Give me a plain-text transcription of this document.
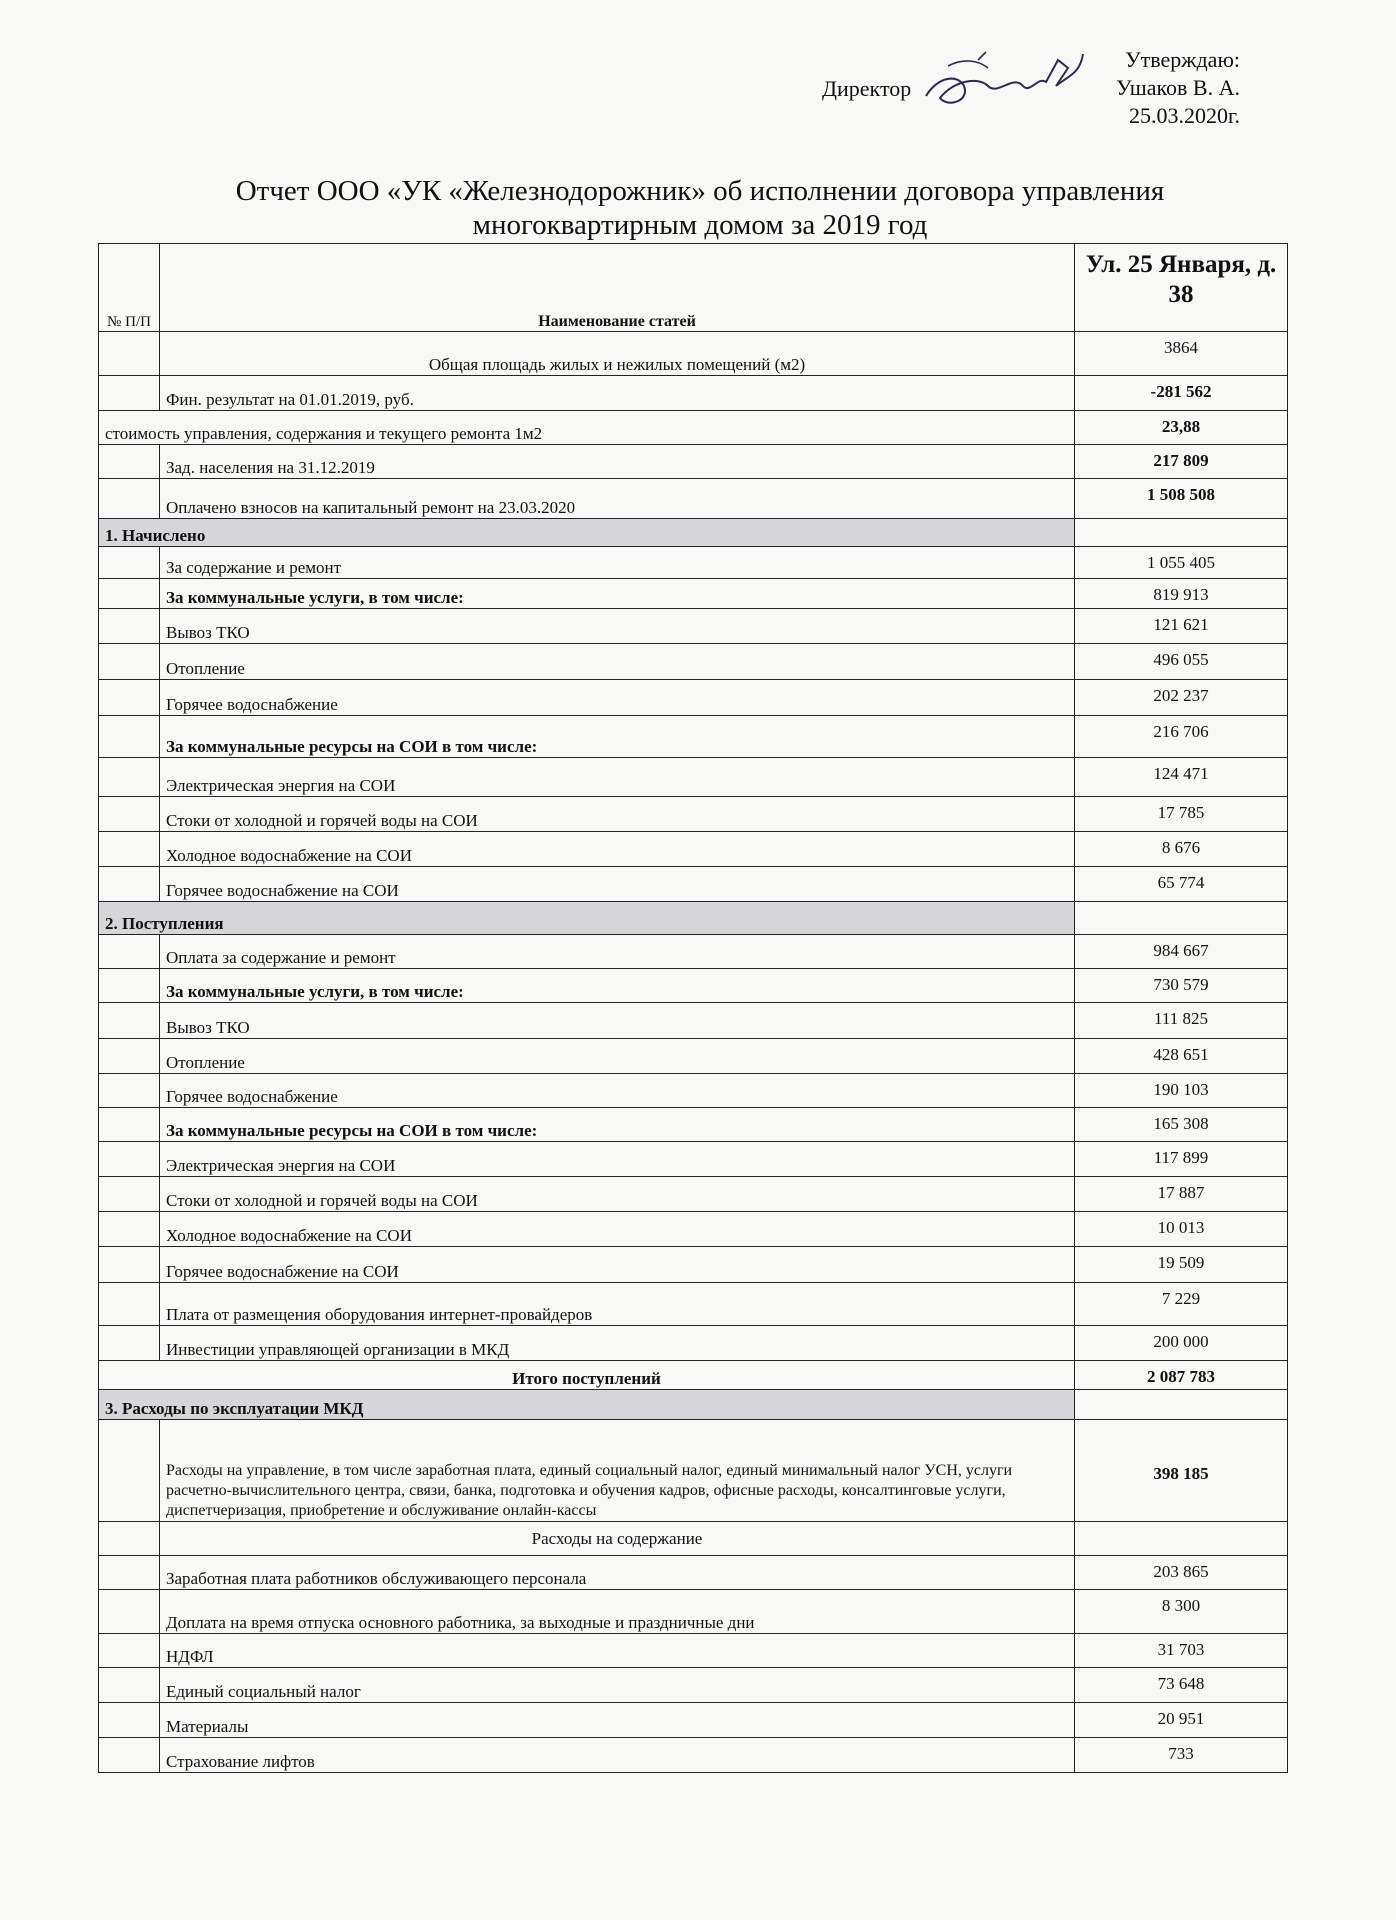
Утверждаю:
Ушаков В. А.
25.03.2020г.
Директор
Отчет ООО «УК «Железнодорожник» об исполнении договора управления
многоквартирным домом за 2019 год
№ П/П	Наименование статей	Ул. 25 Января, д. 38
	Общая площадь жилых и нежилых помещений (м2)	3864
	Фин. результат на 01.01.2019, руб.	-281 562
стоимость управления, содержания и текущего ремонта 1м2		23,88
	Зад. населения на 31.12.2019	217 809
	Оплачено взносов на капитальный ремонт на 23.03.2020	1 508 508
1. Начислено		
	За содержание и ремонт	1 055 405
	За коммунальные услуги, в том числе:	819 913
	Вывоз ТКО	121 621
	Отопление	496 055
	Горячее водоснабжение	202 237
	За коммунальные ресурсы на СОИ в том числе:	216 706
	Электрическая энергия на СОИ	124 471
	Стоки от холодной и горячей воды на СОИ	17 785
	Холодное водоснабжение на СОИ	8 676
	Горячее водоснабжение на СОИ	65 774
2. Поступления		
	Оплата за содержание и ремонт	984 667
	За коммунальные услуги, в том числе:	730 579
	Вывоз ТКО	111 825
	Отопление	428 651
	Горячее водоснабжение	190 103
	За коммунальные ресурсы на СОИ в том числе:	165 308
	Электрическая энергия на СОИ	117 899
	Стоки от холодной и горячей воды на СОИ	17 887
	Холодное водоснабжение на СОИ	10 013
	Горячее водоснабжение на СОИ	19 509
	Плата от размещения оборудования интернет-провайдеров	7 229
	Инвестиции управляющей организации в МКД	200 000
Итого поступлений		2 087 783
3. Расходы по эксплуатации МКД		
	Расходы на управление, в том числе заработная плата, единый социальный налог, единый минимальный налог УСН, услуги расчетно-вычислительного центра, связи, банка, подготовка и обучения кадров, офисные расходы, консалтинговые услуги, диспетчеризация, приобретение и обслуживание онлайн-кассы	398 185
	Расходы на содержание	
	Заработная плата работников обслуживающего персонала	203 865
	Доплата на время отпуска основного работника, за выходные и праздничные дни	8 300
	НДФЛ	31 703
	Единый социальный налог	73 648
	Материалы	20 951
	Страхование лифтов	733
